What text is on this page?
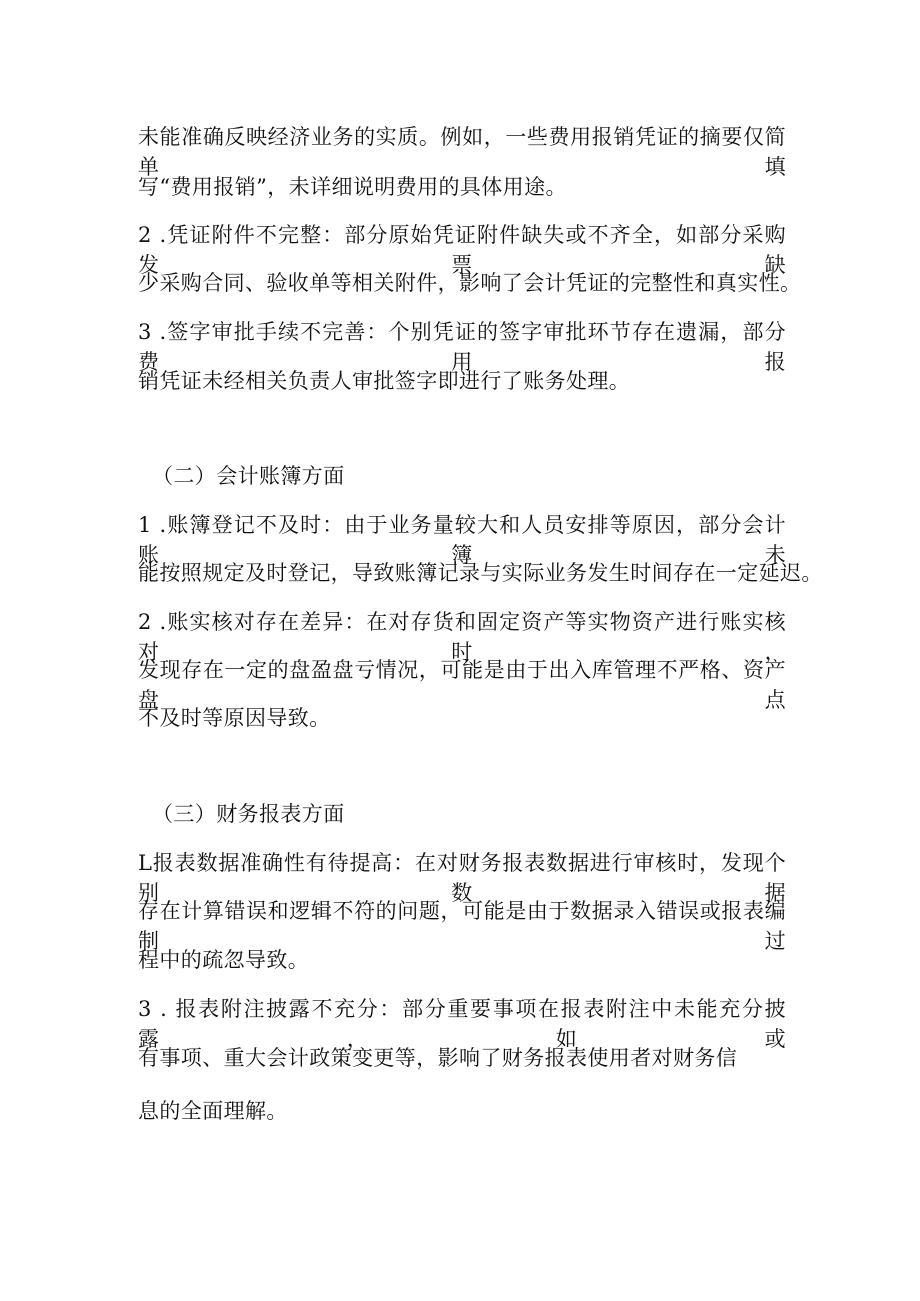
未能准确反映经济业务的实质。例如，一些费用报销凭证的摘要仅简单填
写“费用报销”，未详细说明费用的具体用途。
2 .凭证附件不完整：部分原始凭证附件缺失或不齐全，如部分采购发票缺
少采购合同、验收单等相关附件，影响了会计凭证的完整性和真实性。
3 .签字审批手续不完善：个别凭证的签字审批环节存在遗漏，部分费用报
销凭证未经相关负责人审批签字即进行了账务处理。
（二）会计账簿方面
1 .账簿登记不及时：由于业务量较大和人员安排等原因，部分会计账簿未
能按照规定及时登记，导致账簿记录与实际业务发生时间存在一定延迟。
2 .账实核对存在差异：在对存货和固定资产等实物资产进行账实核对时，
发现存在一定的盘盈盘亏情况，可能是由于出入库管理不严格、资产盘点
不及时等原因导致。
（三）财务报表方面
L报表数据准确性有待提高：在对财务报表数据进行审核时，发现个别数据
存在计算错误和逻辑不符的问题，可能是由于数据录入错误或报表编制过
程中的疏忽导致。
3 . 报表附注披露不充分：部分重要事项在报表附注中未能充分披露，如或
有事项、重大会计政策变更等，影响了财务报表使用者对财务信
息的全面理解。
